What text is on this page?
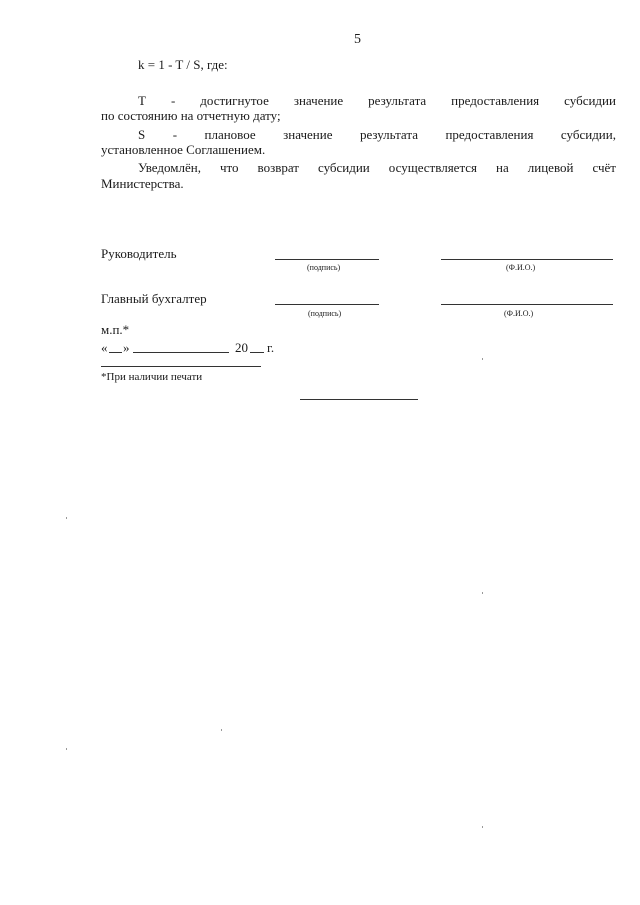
5
k = 1 - T / S, где:
T - достигнутое значение результата предоставления субсидии
по состоянию на отчетную дату;
S - плановое значение результата предоставления субсидии,
установленное Соглашением.
Уведомлён, что возврат субсидии осуществляется на лицевой счёт
Министерства.
Руководитель
(подпись)	(Ф.И.О.)
Главный бухгалтер
(подпись)	(Ф.И.О.)
м.п.*
« »	20 г.
*При наличии печати
